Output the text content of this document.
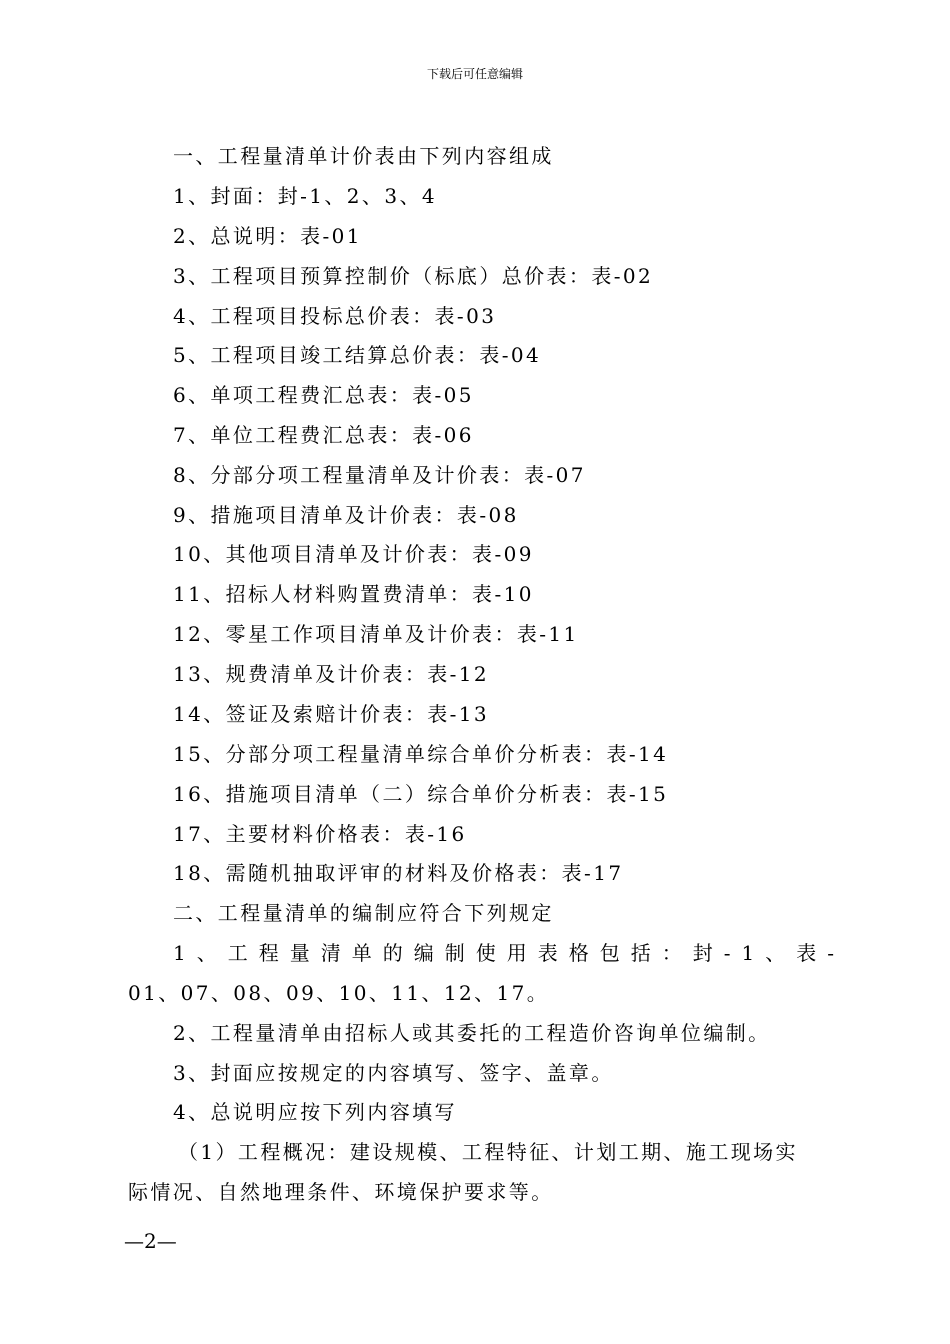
下载后可任意编辑
一、工程量清单计价表由下列内容组成
1、封面：封-1、2、3、4
2、总说明：表-01
3、工程项目预算控制价（标底）总价表：表-02
4、工程项目投标总价表：表-03
5、工程项目竣工结算总价表：表-04
6、单项工程费汇总表：表-05
7、单位工程费汇总表：表-06
8、分部分项工程量清单及计价表：表-07
9、措施项目清单及计价表：表-08
10、其他项目清单及计价表：表-09
11、招标人材料购置费清单：表-10
12、零星工作项目清单及计价表：表-11
13、规费清单及计价表：表-12
14、签证及索赔计价表：表-13
15、分部分项工程量清单综合单价分析表：表-14
16、措施项目清单（二）综合单价分析表：表-15
17、主要材料价格表：表-16
18、需随机抽取评审的材料及价格表：表-17
二、工程量清单的编制应符合下列规定
1、工程量清单的编制使用表格包括：封-1、表-
01、07、08、09、10、11、12、17。
2、工程量清单由招标人或其委托的工程造价咨询单位编制。
3、封面应按规定的内容填写、签字、盖章。
4、总说明应按下列内容填写
（1）工程概况：建设规模、工程特征、计划工期、施工现场实
际情况、自然地理条件、环境保护要求等。
—2—
